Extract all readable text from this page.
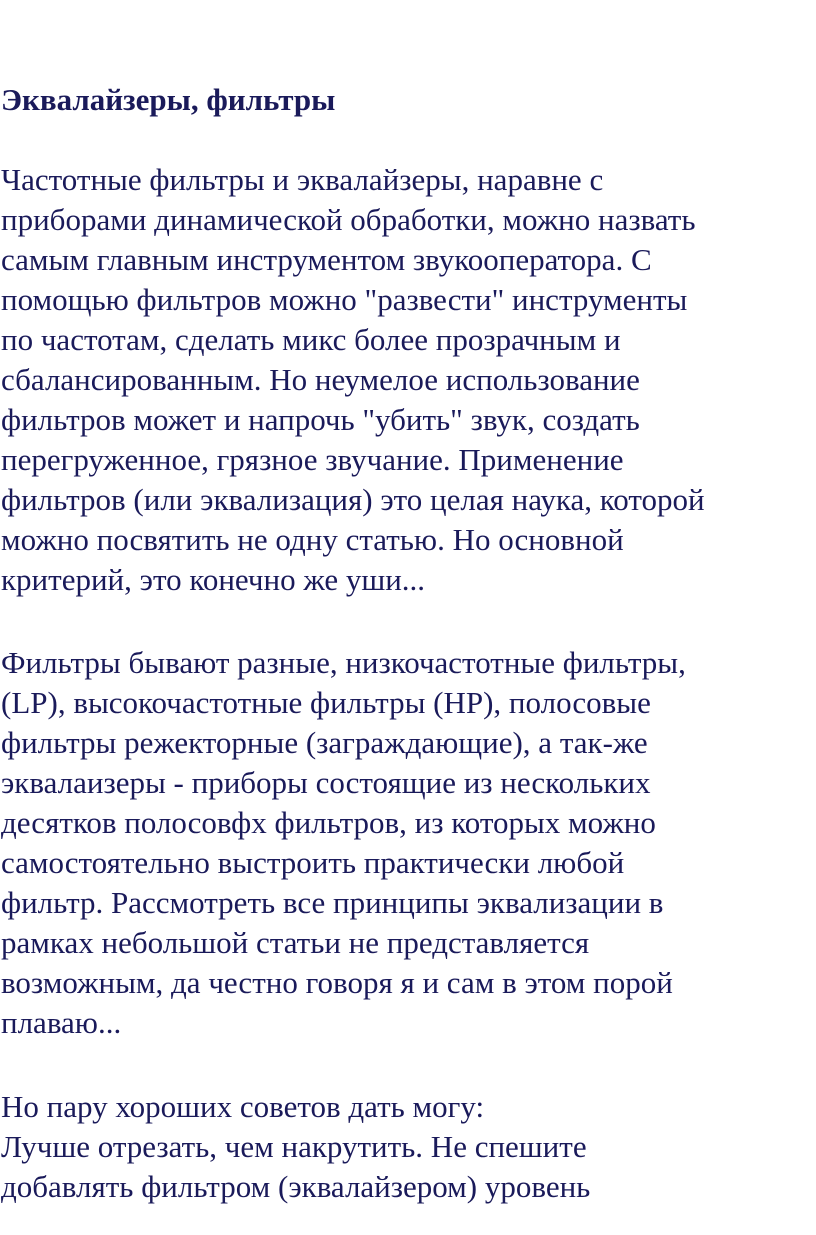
Эквалайзеры, фильтры

Частотные фильтры и эквалайзеры, наравне с
приборами динамической обработки, можно назвать
самым главным инструментом звукооператора. С
помощью фильтров можно "развести" инструменты
по частотам, сделать микс более прозрачным и
сбалансированным. Но неумелое использование
фильтров может и напрочь "убить" звук, создать
перегруженное, грязное звучание. Применение
фильтров (или эквализация) это целая наука, которой
можно посвятить не одну статью. Но основной
критерий, это конечно же уши...

Фильтры бывают разные, низкочастотные фильтры,
(LP), высокочастотные фильтры (HP), полосовые
фильтры режекторные (заграждающие), а так-же
эквалаизеры - приборы состоящие из нескольких
десятков полосовфх фильтров, из которых можно
самостоятельно выстроить практически любой
фильтр. Рассмотреть все принципы эквализации в
рамках небольшой статьи не представляется
возможным, да честно говоря я и сам в этом порой
плаваю...

Но пару хороших советов дать могу:
Лучше отрезать, чем накрутить. Не спешите
добавлять фильтром (эквалайзером) уровень
